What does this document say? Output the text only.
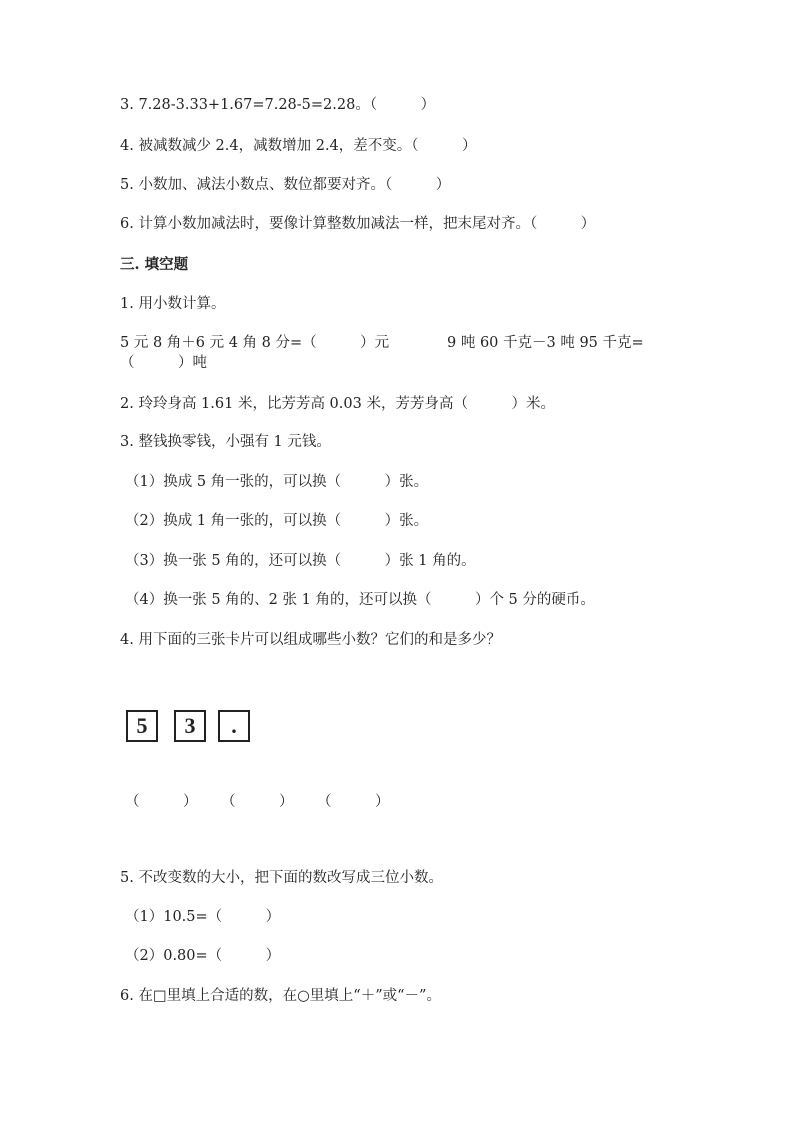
3. 7.28-3.33+1.67=7.28-5=2.28。（　　　）
4. 被减数减少 2.4，减数增加 2.4，差不变。（　　　）
5. 小数加、减法小数点、数位都要对齐。（　　　）
6. 计算小数加减法时，要像计算整数加减法一样，把末尾对齐。（　　　）
三. 填空题
1. 用小数计算。
5 元 8 角＋6 元 4 角 8 分=（　　　）元	9 吨 60 千克－3 吨 95 千克=
（　　　）吨
2. 玲玲身高 1.61 米，比芳芳高 0.03 米，芳芳身高（　　　）米。
3. 整钱换零钱，小强有 1 元钱。
（1）换成 5 角一张的，可以换（　　　）张。
（2）换成 1 角一张的，可以换（　　　）张。
（3）换一张 5 角的，还可以换（　　　）张 1 角的。
（4）换一张 5 角的、2 张 1 角的，还可以换（　　　）个 5 分的硬币。
4. 用下面的三张卡片可以组成哪些小数？它们的和是多少？
5	3	.
（　　　） （　　　） （　　　）
5. 不改变数的大小，把下面的数改写成三位小数。
（1）10.5=（　　　）
（2）0.80=（　　　）
6. 在□里填上合适的数，在○里填上“＋”或“－”。
